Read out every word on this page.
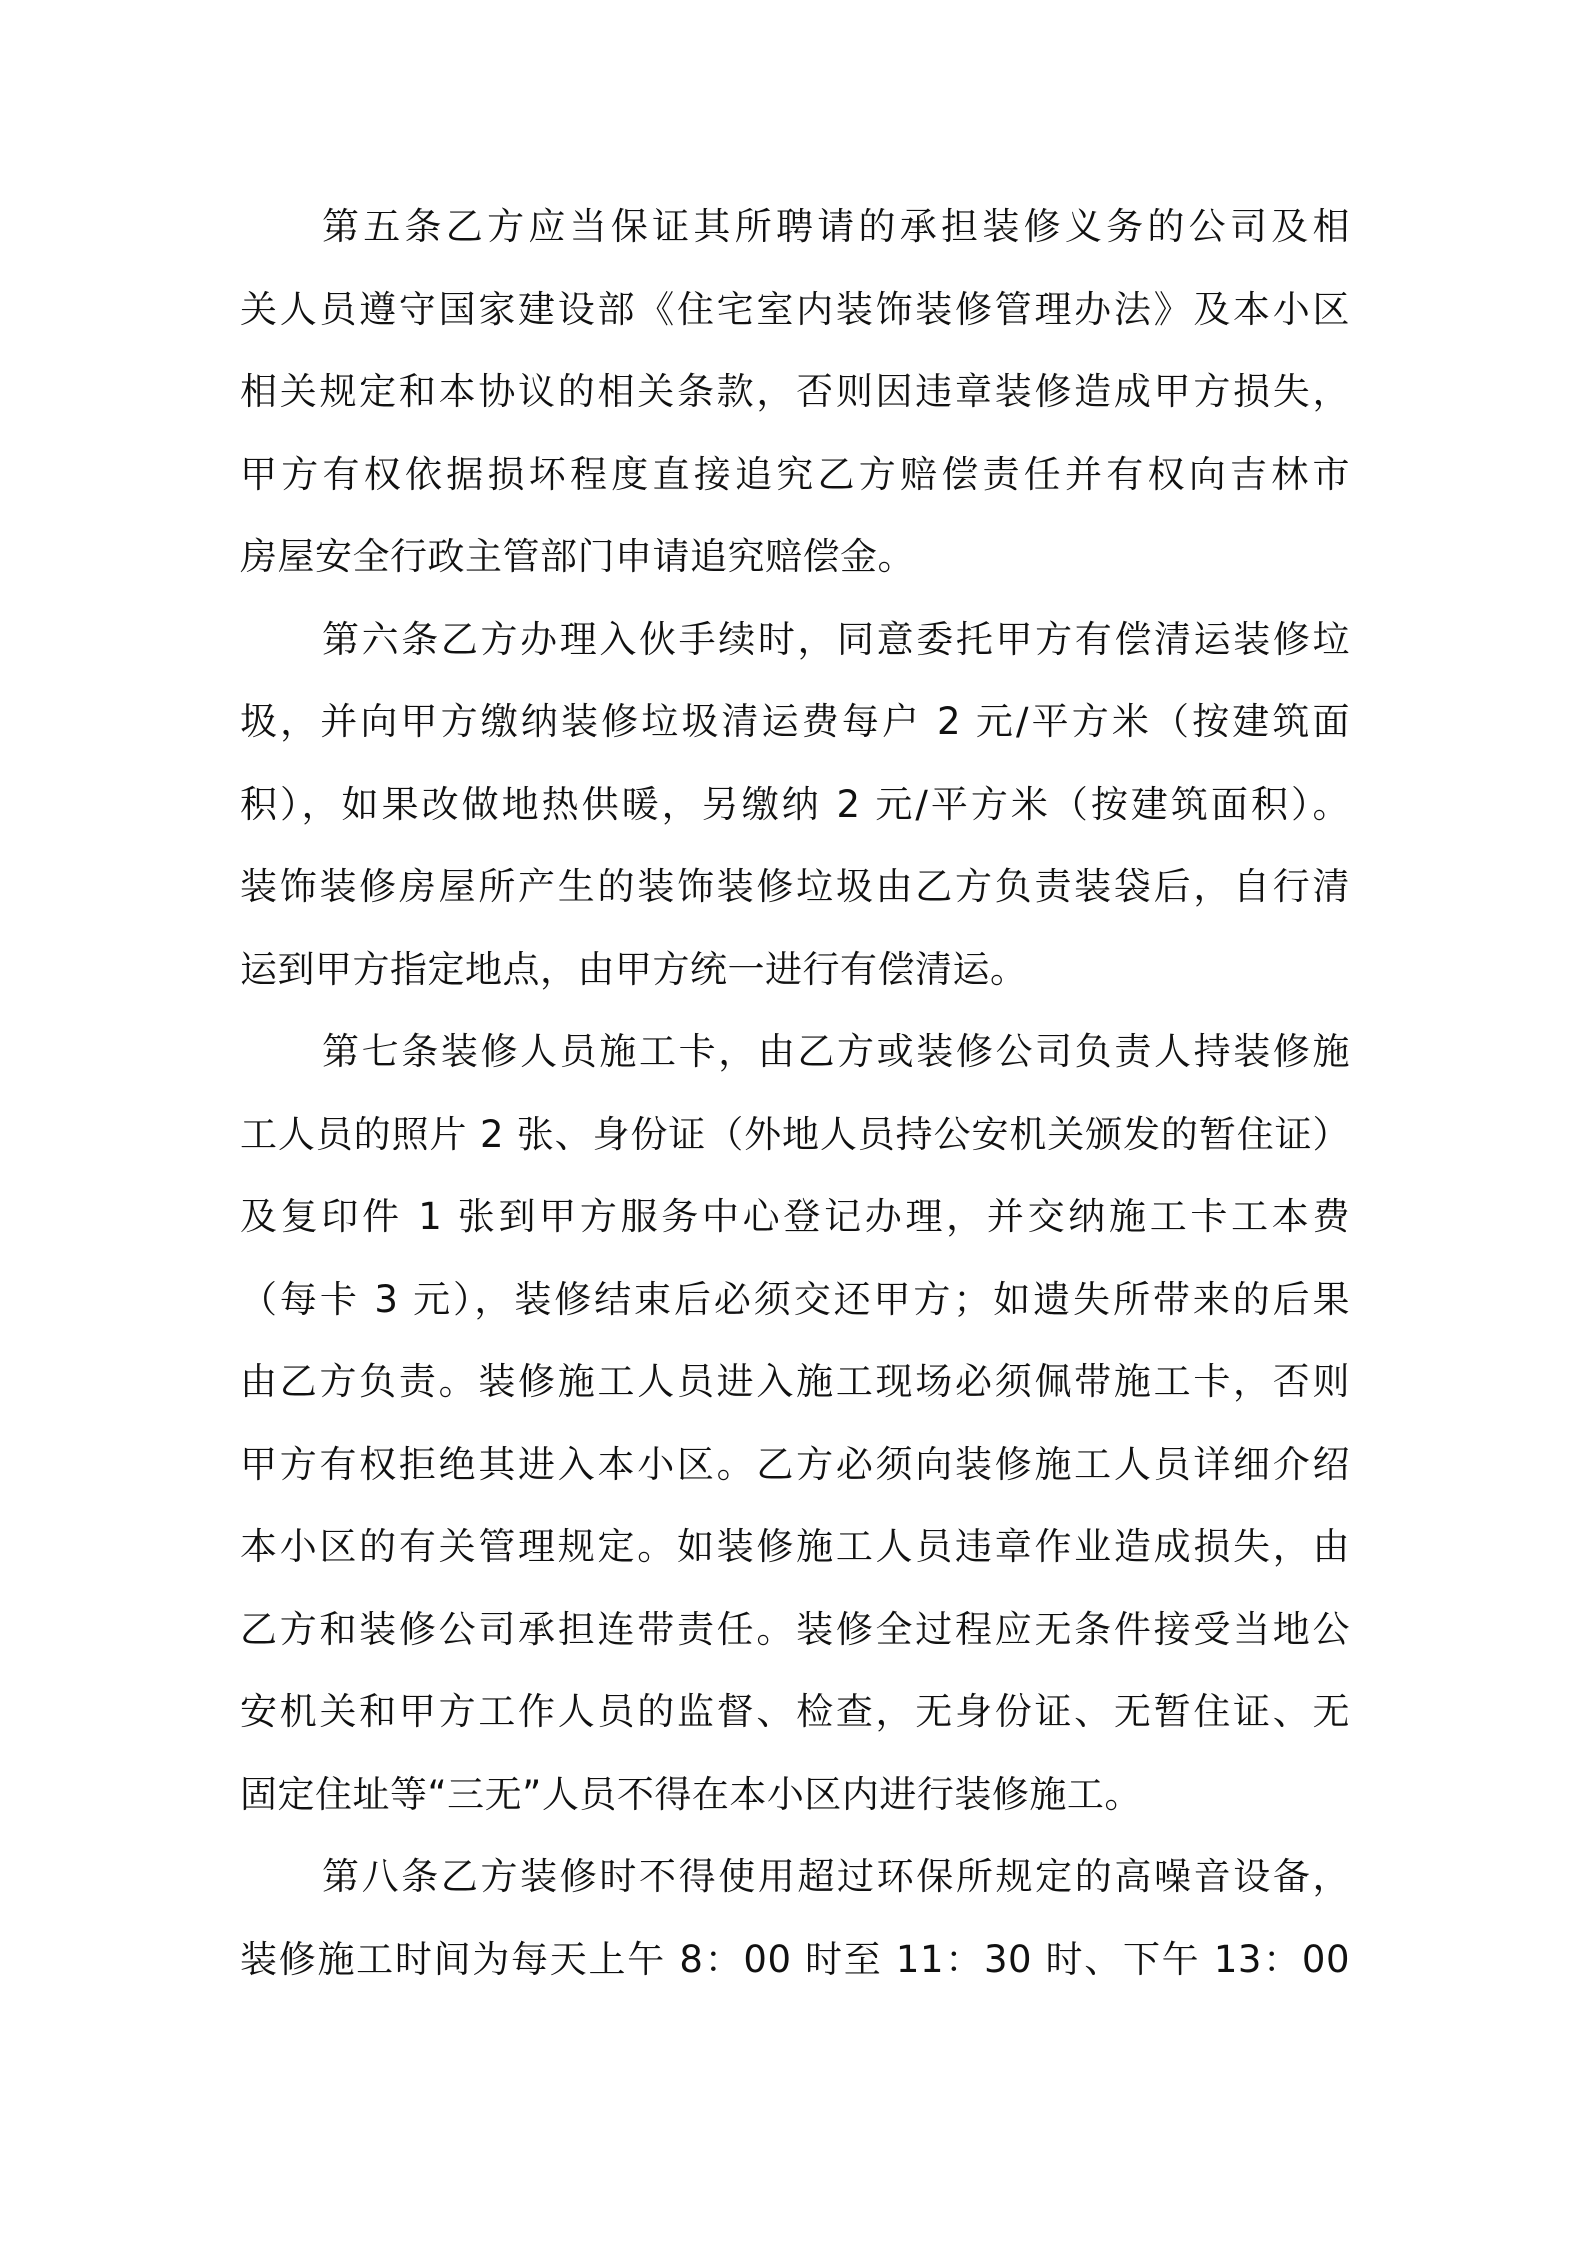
第五条乙方应当保证其所聘请的承担装修义务的公司及相
关人员遵守国家建设部《住宅室内装饰装修管理办法》及本小区
相关规定和本协议的相关条款，否则因违章装修造成甲方损失，
甲方有权依据损坏程度直接追究乙方赔偿责任并有权向吉林市
房屋安全行政主管部门申请追究赔偿金。
第六条乙方办理入伙手续时，同意委托甲方有偿清运装修垃
圾，并向甲方缴纳装修垃圾清运费每户 2 元/平方米（按建筑面
积），如果改做地热供暖，另缴纳 2 元/平方米（按建筑面积）。
装饰装修房屋所产生的装饰装修垃圾由乙方负责装袋后，自行清
运到甲方指定地点，由甲方统一进行有偿清运。
第七条装修人员施工卡，由乙方或装修公司负责人持装修施
工人员的照片 2 张、身份证（外地人员持公安机关颁发的暂住证）
及复印件 1 张到甲方服务中心登记办理，并交纳施工卡工本费
（每卡 3 元），装修结束后必须交还甲方；如遗失所带来的后果
由乙方负责。装修施工人员进入施工现场必须佩带施工卡，否则
甲方有权拒绝其进入本小区。乙方必须向装修施工人员详细介绍
本小区的有关管理规定。如装修施工人员违章作业造成损失，由
乙方和装修公司承担连带责任。装修全过程应无条件接受当地公
安机关和甲方工作人员的监督、检查，无身份证、无暂住证、无
固定住址等“三无”人员不得在本小区内进行装修施工。
第八条乙方装修时不得使用超过环保所规定的高噪音设备，
装修施工时间为每天上午 8：00 时至 11：30 时、下午 13：00
